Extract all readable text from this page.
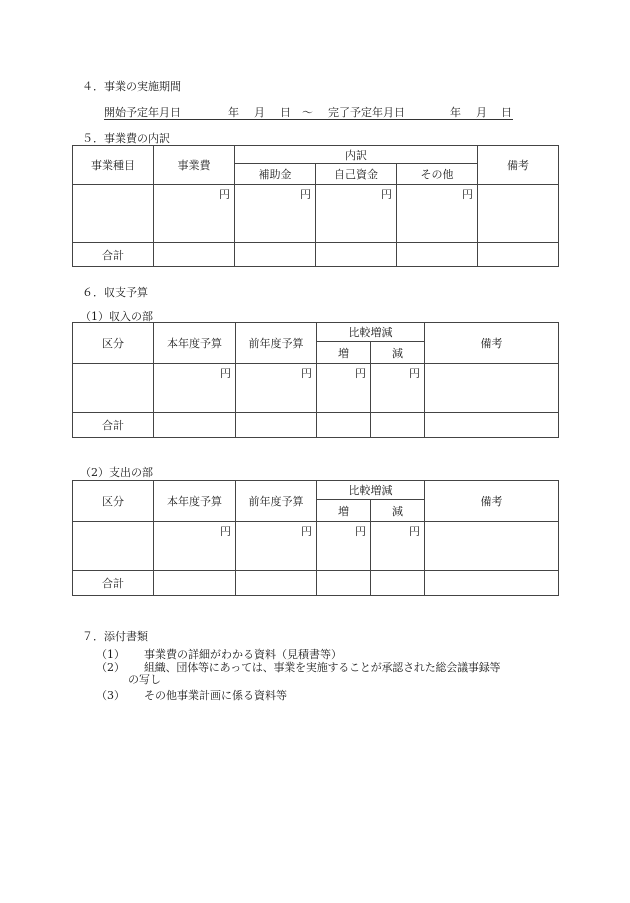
４．事業の実施期間
開始予定年月日	年 月 日 〜 完了予定年月日	年 月 日
５．事業費の内訳
事業種目	事業費	内訳			備考
		補助金	自己資金	その他	
	円	円	円	円	
合計					
６．収支予算
（1）収入の部
区分	本年度予算	前年度予算	比較増減		備考
			増	減	
	円	円	円	円	
合計					
（2）支出の部
区分	本年度予算	前年度予算	比較増減		備考
			増	減	
	円	円	円	円	
合計					
７．添付書類
（1） 事業費の詳細がわかる資料（見積書等）
（2） 組織、団体等にあっては、事業を実施することが承認された総会議事録等
の写し
（3） その他事業計画に係る資料等
